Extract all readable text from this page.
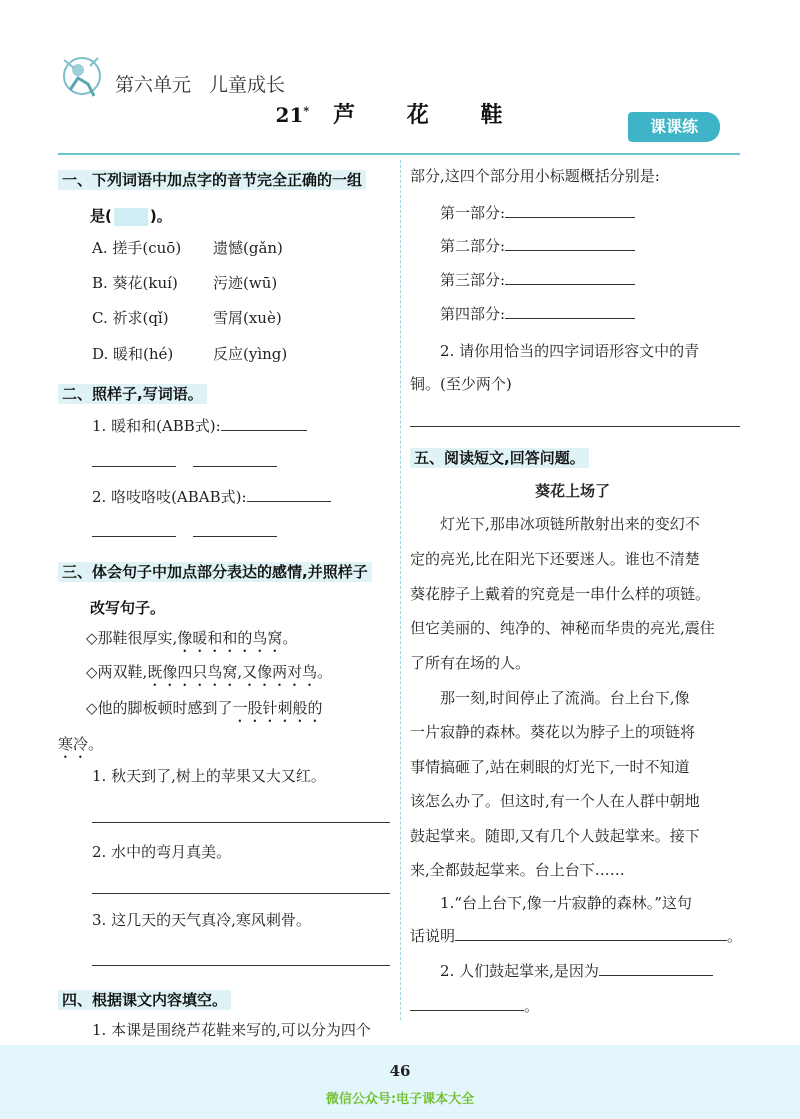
第六单元 儿童成长
21* 芦 花 鞋	课课练
一、下列词语中加点字的音节完全正确的一组
是(	)。
A. 搓手(cuō) 遗憾(gǎn)
B. 葵花(kuí) 污迹(wū)
C. 祈求(qǐ)	雪屑(xuè)
D. 暖和(hé)	反应(yìng)
二、照样子,写词语。
1. 暖和和(ABB式):
2. 咯吱咯吱(ABAB式):
三、体会句子中加点部分表达的感情,并照样子
改写句子。
◇那鞋很厚实,像暖和和的鸟窝。
◇两双鞋,既像四只鸟窝,又像两对鸟。
◇他的脚板顿时感到了一股针刺般的
寒冷。
1. 秋天到了,树上的苹果又大又红。
2. 水中的弯月真美。
3. 这几天的天气真冷,寒风刺骨。
四、根据课文内容填空。
1. 本课是围绕芦花鞋来写的,可以分为四个
部分,这四个部分用小标题概括分别是:
第一部分:
第二部分:
第三部分:
第四部分:
2. 请你用恰当的四字词语形容文中的青
铜。(至少两个)
五、阅读短文,回答问题。
葵花上场了
灯光下,那串冰项链所散射出来的变幻不
定的亮光,比在阳光下还要迷人。谁也不清楚
葵花脖子上戴着的究竟是一串什么样的项链。
但它美丽的、纯净的、神秘而华贵的亮光,震住
了所有在场的人。
那一刻,时间停止了流淌。台上台下,像
一片寂静的森林。葵花以为脖子上的项链将
事情搞砸了,站在刺眼的灯光下,一时不知道
该怎么办了。但这时,有一个人在人群中朝地
鼓起掌来。随即,又有几个人鼓起掌来。接下
来,全都鼓起掌来。台上台下……
1.“台上台下,像一片寂静的森林。”这句
话说明	。
2. 人们鼓起掌来,是因为
。
46
微信公众号:电子课本大全
